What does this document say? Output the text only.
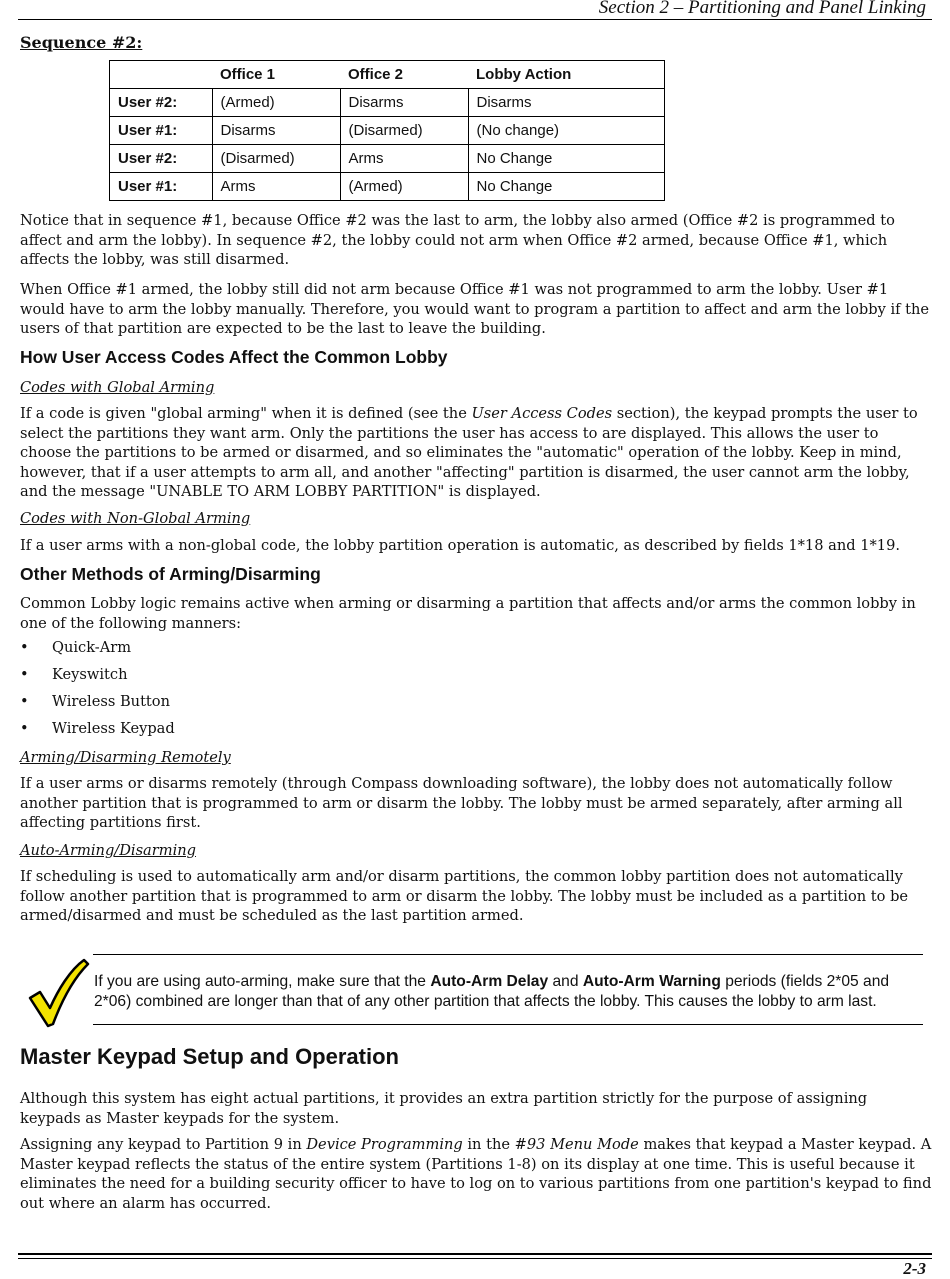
Section 2 – Partitioning and Panel Linking
Sequence #2:
	Office 1	Office 2	Lobby Action
User #2:	(Armed)	Disarms	Disarms
User #1:	Disarms	(Disarmed)	(No change)
User #2:	(Disarmed)	Arms	No Change
User #1:	Arms	(Armed)	No Change

Notice that in sequence #1, because Office #2 was the last to arm, the lobby also armed (Office #2 is programmed to affect and arm the lobby). In sequence #2, the lobby could not arm when Office #2 armed, because Office #1, which affects the lobby, was still disarmed.

When Office #1 armed, the lobby still did not arm because Office #1 was not programmed to arm the lobby. User #1 would have to arm the lobby manually. Therefore, you would want to program a partition to affect and arm the lobby if the users of that partition are expected to be the last to leave the building.

How User Access Codes Affect the Common Lobby
Codes with Global Arming

If a code is given "global arming" when it is defined (see the User Access Codes section), the keypad prompts the user to select the partitions they want arm. Only the partitions the user has access to are displayed. This allows the user to choose the partitions to be armed or disarmed, and so eliminates the "automatic" operation of the lobby. Keep in mind, however, that if a user attempts to arm all, and another "affecting" partition is disarmed, the user cannot arm the lobby, and the message "UNABLE TO ARM LOBBY PARTITION" is displayed.

Codes with Non-Global Arming

If a user arms with a non-global code, the lobby partition operation is automatic, as described by fields 1*18 and 1*19.

Other Methods of Arming/Disarming

Common Lobby logic remains active when arming or disarming a partition that affects and/or arms the common lobby in one of the following manners:

• Quick-Arm
• Keyswitch
• Wireless Button
• Wireless Keypad
Arming/Disarming Remotely

If a user arms or disarms remotely (through Compass downloading software), the lobby does not automatically follow another partition that is programmed to arm or disarm the lobby. The lobby must be armed separately, after arming all affecting partitions first.

Auto-Arming/Disarming

If scheduling is used to automatically arm and/or disarm partitions, the common lobby partition does not automatically follow another partition that is programmed to arm or disarm the lobby. The lobby must be included as a partition to be armed/disarmed and must be scheduled as the last partition armed.

If you are using auto-arming, make sure that the Auto-Arm Delay and Auto-Arm Warning periods (fields 2*05 and 2*06) combined are longer than that of any other partition that affects the lobby. This causes the lobby to arm last.

Master Keypad Setup and Operation

Although this system has eight actual partitions, it provides an extra partition strictly for the purpose of assigning keypads as Master keypads for the system.

Assigning any keypad to Partition 9 in Device Programming in the #93 Menu Mode makes that keypad a Master keypad. A Master keypad reflects the status of the entire system (Partitions 1-8) on its display at one time. This is useful because it eliminates the need for a building security officer to have to log on to various partitions from one partition's keypad to find out where an alarm has occurred.

2-3
